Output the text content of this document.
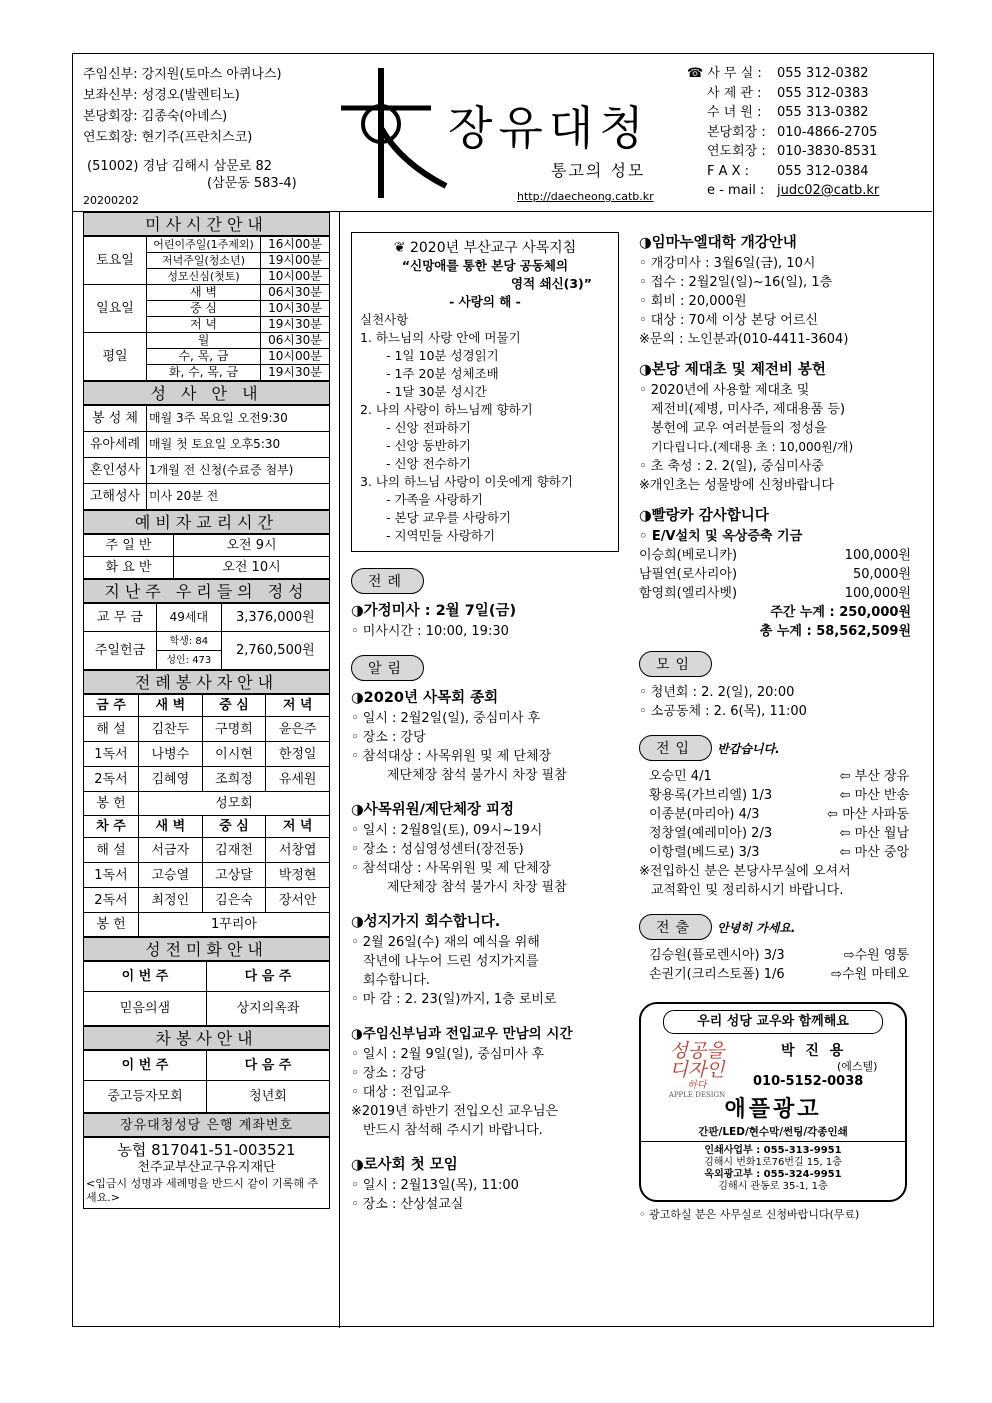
주임신부: 강지원(토마스 아퀴나스)
보좌신부: 성경오(발렌티노)
본당회장: 김종숙(아녜스)
연도회장: 현기주(프란치스코)
(51002) 경남 김해시 삼문로 82
(삼문동 583-4)
20200202
장유대청
통고의 성모
http://daecheong.catb.kr
☎ 사 무 실 :	055 312-0382
사 제 관 :	055 312-0383
수 녀 원 :	055 313-0382
본당회장 : 010-4866-2705
연도회장 : 010-3830-8531
F A X :	055 312-0384
e - mail : judc02@catb.kr
미사시간안내
토요일	어린이주일(1주제외)	16시00분
	저녁주일(청소년)	19시00분
	성모신심(첫토)	10시00분
일요일	새 벽	06시30분
	중 심	10시30분
	저 녁	19시30분
평일	월	06시30분
	수, 목, 금	10시00분
	화, 수, 목, 금	19시30분
성 사 안 내
봉 성 체	매월 3주 목요일 오전9:30
유아세례	매월 첫 토요일 오후5:30
혼인성사	1개월 전 신청(수료증 첨부)
고해성사	미사 20분 전
예비자교리시간
주 일 반	오전 9시
화 요 반	오전 10시
지난주 우리들의 정성
교 무 금	49세대	3,376,000원
주일헌금	학생: 84	2,760,500원
	성인: 473	
전례봉사자안내
금 주	새 벽	중 심	저 녁
해 설	김찬두	구명희	윤은주
1독서	나병수	이시현	한정일
2독서	김혜영	조희정	유세원
봉 헌	성모회		
차 주	새 벽	중 심	저 녁
해 설	서금자	김재천	서창엽
1독서	고승열	고상달	박정현
2독서	최정인	김은숙	장서안
봉 헌	1꾸리아		
성전미화안내
이 번 주	다 음 주
믿음의샘	상지의옥좌
차봉사안내
이 번 주	다 음 주
중고등자모회	청년회
장유대청성당 은행 계좌번호
농협 817041-51-003521
천주교부산교구유지재단
<입금시 성명과 세례명을 반드시 같이 기록해 주세요.>
❦ 2020년 부산교구 사목지침
“신망애를 통한 본당 공동체의
영적 쇄신(3)”
- 사랑의 해 -
실천사항
1. 하느님의 사랑 안에 머물기
- 1일 10분 성경읽기
- 1주 20분 성체조배
- 1달 30분 성시간
2. 나의 사랑이 하느님께 향하기
- 신앙 전파하기
- 신앙 동반하기
- 신앙 전수하기
3. 나의 하느님 사랑이 이웃에게 향하기
- 가족을 사랑하기
- 본당 교우를 사랑하기
- 지역민들 사랑하기
전례
◑가정미사 : 2월 7일(금)
◦ 미사시간 : 10:00, 19:30
알림
◑2020년 사목회 종회
◦ 일시 : 2월2일(일), 중심미사 후
◦ 장소 : 강당
◦ 참석대상 : 사목위원 및 제 단체장
제단체장 참석 불가시 차장 필참
◑사목위원/제단체장 피정
◦ 일시 : 2월8일(토), 09시~19시
◦ 장소 : 성심영성센터(장전동)
◦ 참석대상 : 사목위원 및 제 단체장
제단체장 참석 불가시 차장 필참
◑성지가지 회수합니다.
◦ 2월 26일(수) 재의 예식을 위해
작년에 나누어 드린 성지가지를
회수합니다.
◦ 마 감 : 2. 23(일)까지, 1층 로비로
◑주임신부님과 전입교우 만남의 시간
◦ 일시 : 2월 9일(일), 중심미사 후
◦ 장소 : 강당
◦ 대상 : 전입교우
※2019년 하반기 전입오신 교우님은
반드시 참석해 주시기 바랍니다.
◑로사회 첫 모임
◦ 일시 : 2월13일(목), 11:00
◦ 장소 : 산상설교실
◑임마누엘대학 개강안내
◦ 개강미사 : 3월6일(금), 10시
◦ 접수 : 2월2일(일)~16(일), 1층
◦ 회비 : 20,000원
◦ 대상 : 70세 이상 본당 어르신
※문의 : 노인분과(010-4411-3604)
◑본당 제대초 및 제전비 봉헌
◦ 2020년에 사용할 제대초 및
제전비(제병, 미사주, 제대용품 등)
봉헌에 교우 여러분들의 정성을
기다립니다.(제대용 초 : 10,000원/개)
◦ 초 축성 : 2. 2(일), 중심미사중
※개인초는 성물방에 신청바랍니다
◑빨랑카 감사합니다
◦ E/V설치 및 옥상증축 기금
이승희(베로니카)	100,000원
남필연(로사리아)	50,000원
함영희(엘리사벳)	100,000원
주간 누계 : 250,000원
총 누계 : 58,562,509원
모임
◦ 청년회 : 2. 2(일), 20:00
◦ 소공동체 : 2. 6(목), 11:00
전입 반갑습니다.
오승민 4/1	⇦ 부산 장유
황용록(가브리엘) 1/3	⇦ 마산 반송
이종분(마리아) 4/3	⇦ 마산 사파동
정창열(예레미아) 2/3	⇦ 마산 월남
이항렬(베드로) 3/3	⇦ 마산 중앙
※전입하신 분은 본당사무실에 오셔서
교적확인 및 정리하시기 바랍니다.
전출 안녕히 가세요.
김승원(플로렌시아) 3/3	⇨수원 영통
손권기(크리스토폴) 1/6	⇨수원 마테오
우리 성당 교우와 함께해요
성공을
디자인
하다
APPLE DESIGN
박 진 용
(에스텔)
010-5152-0038
애플광고
간판/LED/현수막/썬팅/각종인쇄
인쇄사업부 : 055-313-9951
김해시 번화1로76번길 15, 1층
옥외광고부 : 055-324-9951
김해시 관동로 35-1, 1층
◦ 광고하실 분은 사무실로 신청바랍니다(무료)
